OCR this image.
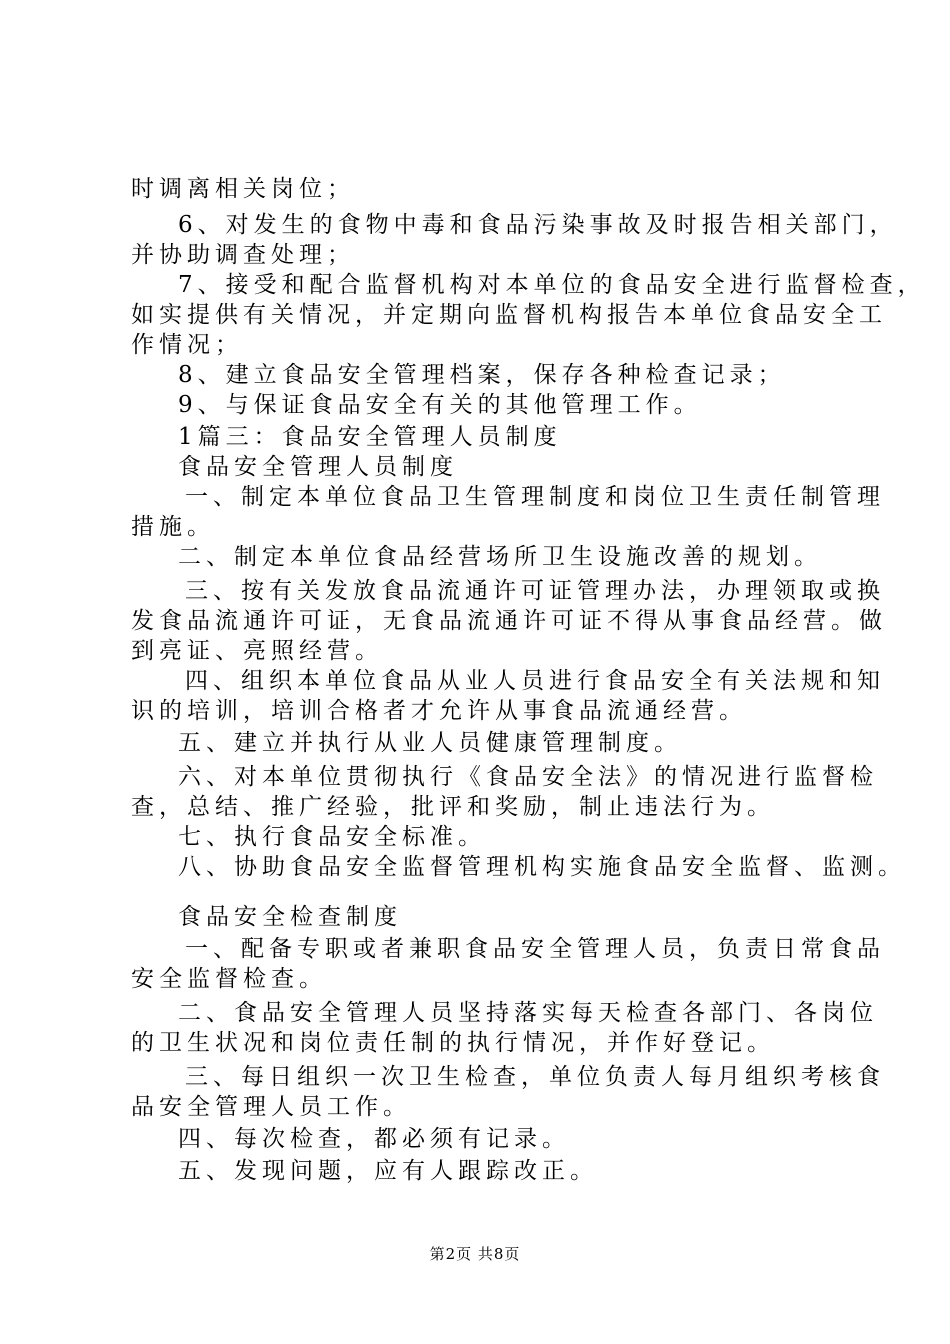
时调离相关岗位；
6、对发生的食物中毒和食品污染事故及时报告相关部门，
并协助调查处理；
7、接受和配合监督机构对本单位的食品安全进行监督检查，
如实提供有关情况，并定期向监督机构报告本单位食品安全工
作情况；
8、建立食品安全管理档案，保存各种检查记录；
9、与保证食品安全有关的其他管理工作。
1篇三：食品安全管理人员制度
食品安全管理人员制度
一、制定本单位食品卫生管理制度和岗位卫生责任制管理
措施。
二、制定本单位食品经营场所卫生设施改善的规划。
三、按有关发放食品流通许可证管理办法，办理领取或换
发食品流通许可证，无食品流通许可证不得从事食品经营。做
到亮证、亮照经营。
四、组织本单位食品从业人员进行食品安全有关法规和知
识的培训，培训合格者才允许从事食品流通经营。
五、建立并执行从业人员健康管理制度。
六、对本单位贯彻执行《食品安全法》的情况进行监督检
查，总结、推广经验，批评和奖励，制止违法行为。
七、执行食品安全标准。
八、协助食品安全监督管理机构实施食品安全监督、监测。
食品安全检查制度
一、配备专职或者兼职食品安全管理人员，负责日常食品
安全监督检查。
二、食品安全管理人员坚持落实每天检查各部门、各岗位
的卫生状况和岗位责任制的执行情况，并作好登记。
三、每日组织一次卫生检查，单位负责人每月组织考核食
品安全管理人员工作。
四、每次检查，都必须有记录。
五、发现问题，应有人跟踪改正。
第2页 共8页
